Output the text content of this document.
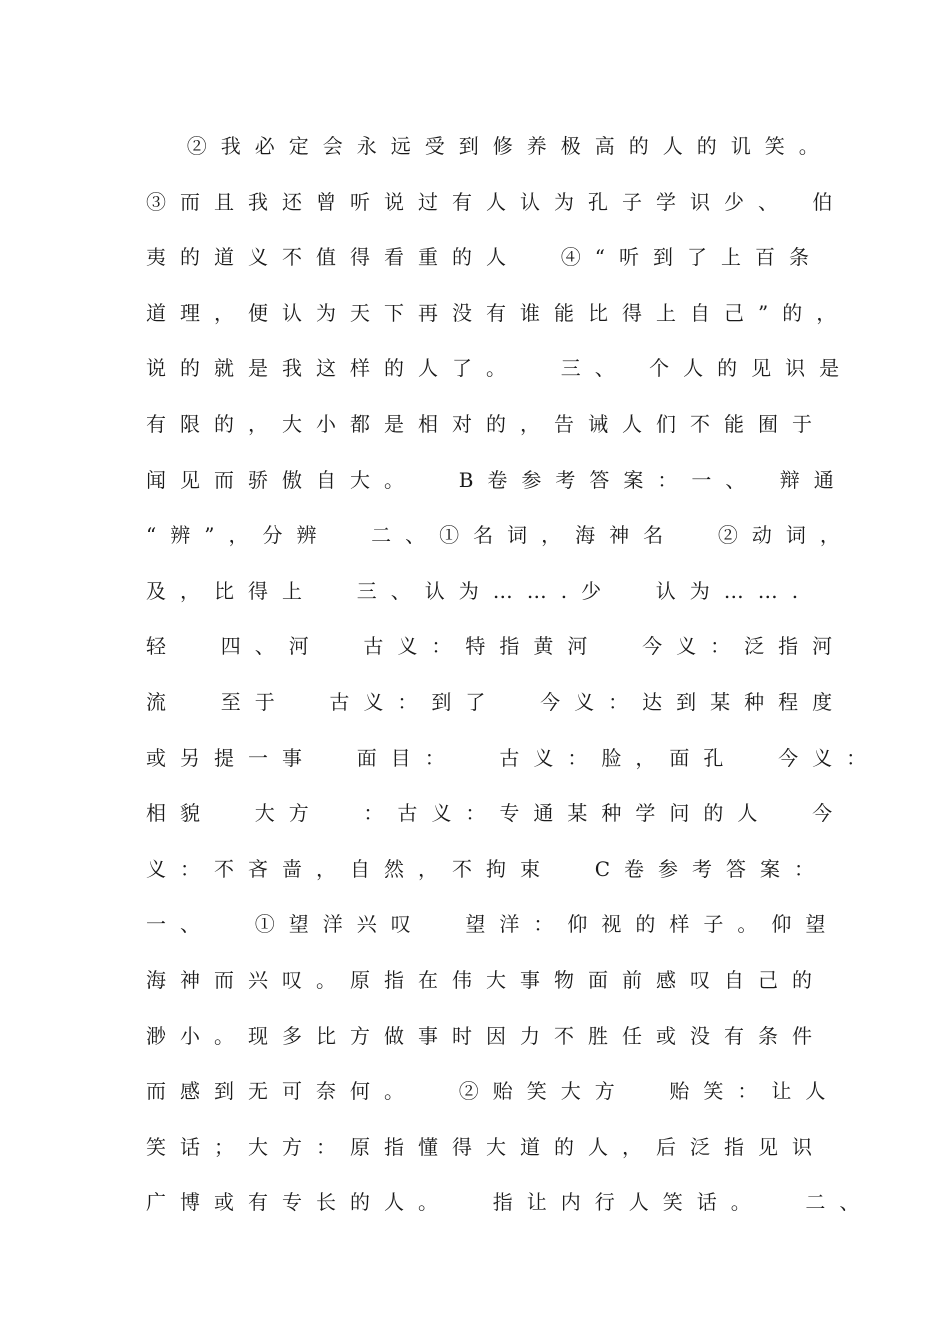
②我必定会永远受到修养极高的人的讥笑。
③而且我还曾听说过有人认为孔子学识少、 伯
夷的道义不值得看重的人  ④“听到了上百条
道理，便认为天下再没有谁能比得上自己”的，
说的就是我这样的人了。  三、 个人的见识是
有限的，大小都是相对的，告诫人们不能囿于
闻见而骄傲自大。  B卷参考答案：一、 辩通
“辨”，分辨  二、①名词，海神名  ②动词，
及，比得上  三、认为…….少  认为…….
轻  四、河  古义：特指黄河  今义：泛指河
流  至于  古义：到了  今义：达到某种程度
或另提一事  面目：  古义：脸，面孔  今义：
相貌  大方  ：古义：专通某种学问的人  今
义：不吝啬，自然，不拘束  C卷参考答案：
一、  ①望洋兴叹  望洋：仰视的样子。仰望
海神而兴叹。原指在伟大事物面前感叹自己的
渺小。现多比方做事时因力不胜任或没有条件
而感到无可奈何。  ②贻笑大方  贻笑：让人
笑话；大方：原指懂得大道的人，后泛指见识
广博或有专长的人。  指让内行人笑话。  二、
